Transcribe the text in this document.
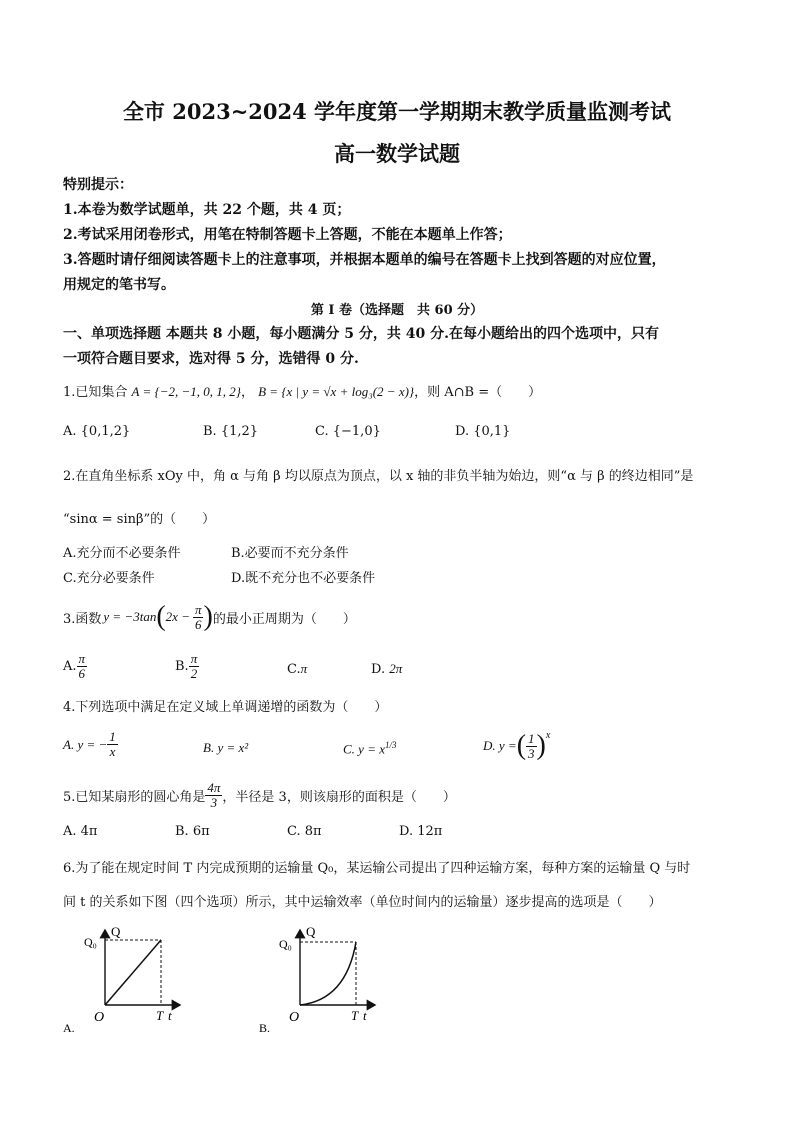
全市 2023~2024 学年度第一学期期末教学质量监测考试
高一数学试题
特别提示：
1.本卷为数学试题单，共 22 个题，共 4 页；
2.考试采用闭卷形式，用笔在特制答题卡上答题，不能在本题单上作答；
3.答题时请仔细阅读答题卡上的注意事项，并根据本题单的编号在答题卡上找到答题的对应位置，
用规定的笔书写。
第 I 卷（选择题　共 60 分）
一、单项选择题 本题共 8 小题，每小题满分 5 分，共 40 分.在每小题给出的四个选项中，只有
一项符合题目要求，选对得 5 分，选错得 0 分.
1.已知集合 A = {−2, −1, 0, 1, 2}， B = {x | y = √x + log₃(2 − x)}，则 A∩B =（　　）
A. {0,1,2}	B. {1,2}	C. {−1,0}	D. {0,1}
2.在直角坐标系 xOy 中，角 α 与角 β 均以原点为顶点，以 x 轴的非负半轴为始边，则“α 与 β 的终边相同”是
“sinα = sinβ”的（　　）
A.充分而不必要条件	B.必要而不充分条件
C.充分必要条件	D.既不充分也不必要条件
3.函数 y = −3tan ( $2x - \frac{\pi}{6}$ ) 的最小正周期为（　　）
A. $\frac{\pi}{6}$	B. $\frac{\pi}{2}$	C.π	D. 2π
4.下列选项中满足在定义域上单调递增的函数为（　　）
A. y = − $\frac{1}{x}$	B. y = x²	C. $y = x^{1/3}$	D. y = ( $\frac{1}{3} )^x$
5.已知某扇形的圆心角是 $\frac{4\pi}{3}$ ，半径是 3，则该扇形的面积是（　　）
A. 4π	B. 6π	C. 8π	D. 12π
6.为了能在规定时间 T 内完成预期的运输量 Q₀，某运输公司提出了四种运输方案，每种方案的运输量 Q 与时
间 t 的关系如下图（四个选项）所示，其中运输效率（单位时间内的运输量）逐步提高的选项是（　　）
Q
Q₀
O	T t
A.
Q
Q₀
O	T t
B.
